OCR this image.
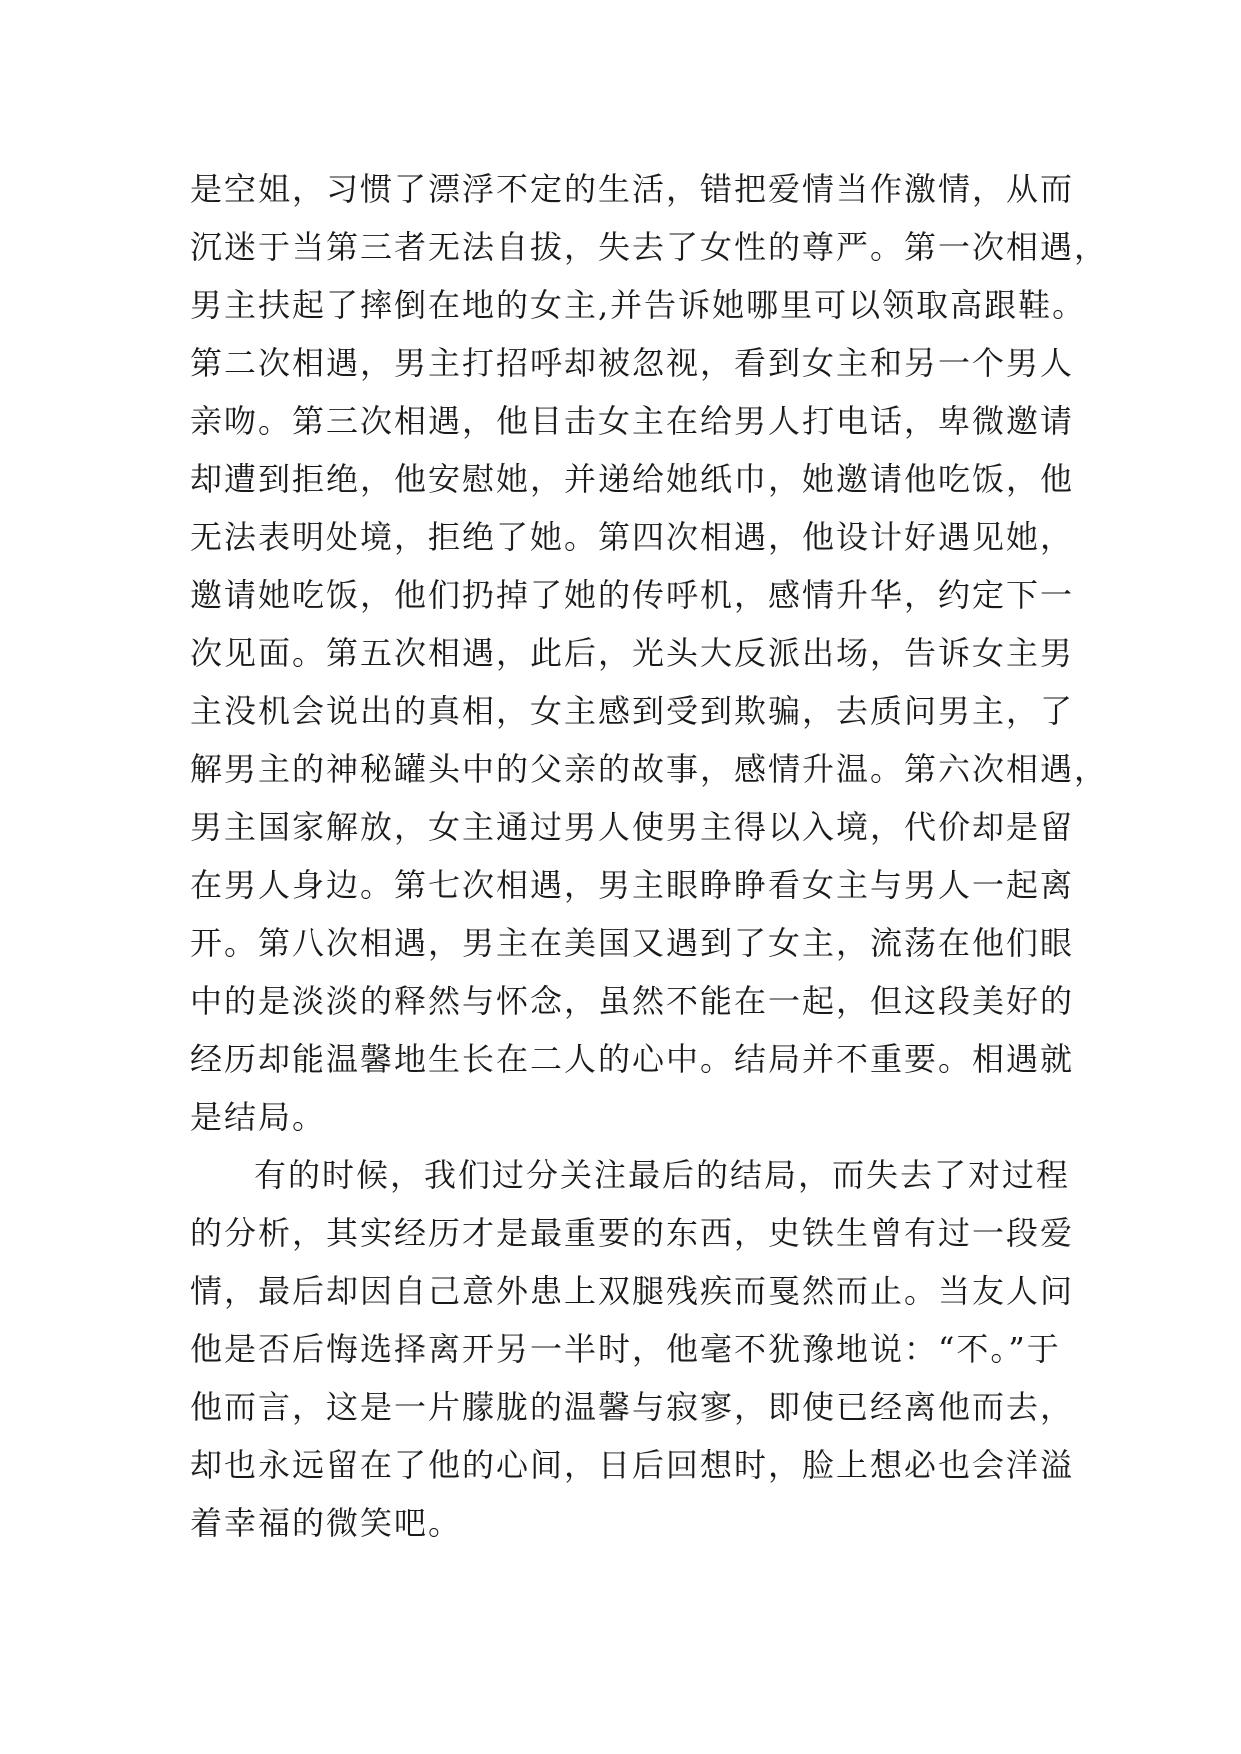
是空姐，习惯了漂浮不定的生活，错把爱情当作激情，从而
沉迷于当第三者无法自拔，失去了女性的尊严。第一次相遇，
男主扶起了摔倒在地的女主,并告诉她哪里可以领取高跟鞋。
第二次相遇，男主打招呼却被忽视，看到女主和另一个男人
亲吻。第三次相遇，他目击女主在给男人打电话，卑微邀请
却遭到拒绝，他安慰她，并递给她纸巾，她邀请他吃饭，他
无法表明处境，拒绝了她。第四次相遇，他设计好遇见她，
邀请她吃饭，他们扔掉了她的传呼机，感情升华，约定下一
次见面。第五次相遇，此后，光头大反派出场，告诉女主男
主没机会说出的真相，女主感到受到欺骗，去质问男主，了
解男主的神秘罐头中的父亲的故事，感情升温。第六次相遇，
男主国家解放，女主通过男人使男主得以入境，代价却是留
在男人身边。第七次相遇，男主眼睁睁看女主与男人一起离
开。第八次相遇，男主在美国又遇到了女主，流荡在他们眼
中的是淡淡的释然与怀念，虽然不能在一起，但这段美好的
经历却能温馨地生长在二人的心中。结局并不重要。相遇就
是结局。
有的时候，我们过分关注最后的结局，而失去了对过程
的分析，其实经历才是最重要的东西，史铁生曾有过一段爱
情，最后却因自己意外患上双腿残疾而戛然而止。当友人问
他是否后悔选择离开另一半时，他毫不犹豫地说：“不。”于
他而言，这是一片朦胧的温馨与寂寥，即使已经离他而去，
却也永远留在了他的心间，日后回想时，脸上想必也会洋溢
着幸福的微笑吧。
